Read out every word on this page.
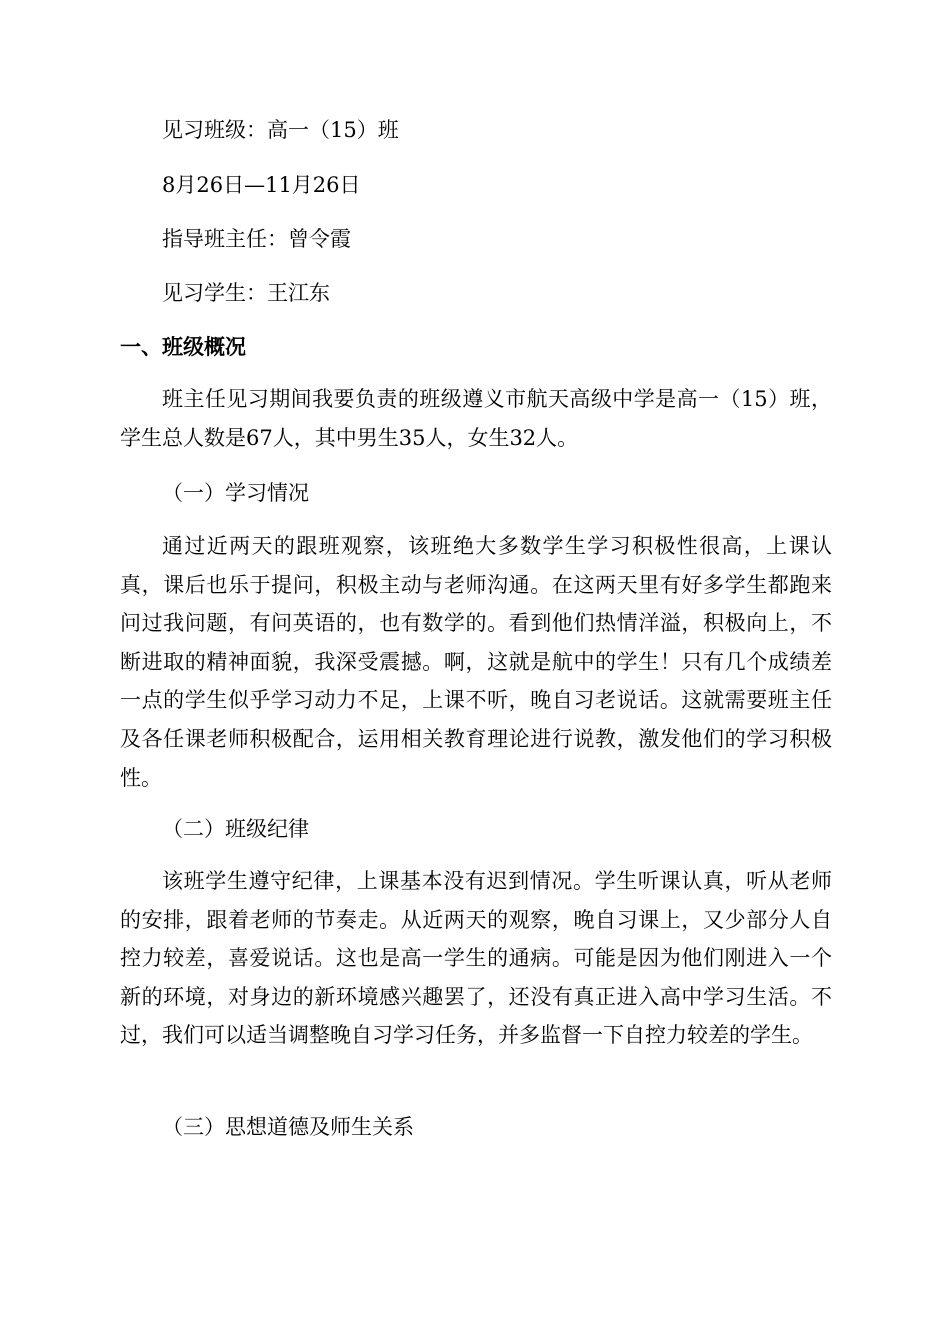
见习班级：高一（15）班
8月26日—11月26日
指导班主任：曾令霞
见习学生：王江东
一、班级概况

班主任见习期间我要负责的班级遵义市航天高级中学是高一（15）班，学生总人数是67人，其中男生35人，女生32人。

（一）学习情况

通过近两天的跟班观察，该班绝大多数学生学习积极性很高，上课认真，课后也乐于提问，积极主动与老师沟通。在这两天里有好多学生都跑来问过我问题，有问英语的，也有数学的。看到他们热情洋溢，积极向上，不断进取的精神面貌，我深受震撼。啊，这就是航中的学生！只有几个成绩差一点的学生似乎学习动力不足，上课不听，晚自习老说话。这就需要班主任及各任课老师积极配合，运用相关教育理论进行说教，激发他们的学习积极性。

（二）班级纪律

该班学生遵守纪律，上课基本没有迟到情况。学生听课认真，听从老师的安排，跟着老师的节奏走。从近两天的观察，晚自习课上，又少部分人自控力较差，喜爱说话。这也是高一学生的通病。可能是因为他们刚进入一个新的环境，对身边的新环境感兴趣罢了，还没有真正进入高中学习生活。不过，我们可以适当调整晚自习学习任务，并多监督一下自控力较差的学生。

（三）思想道德及师生关系
